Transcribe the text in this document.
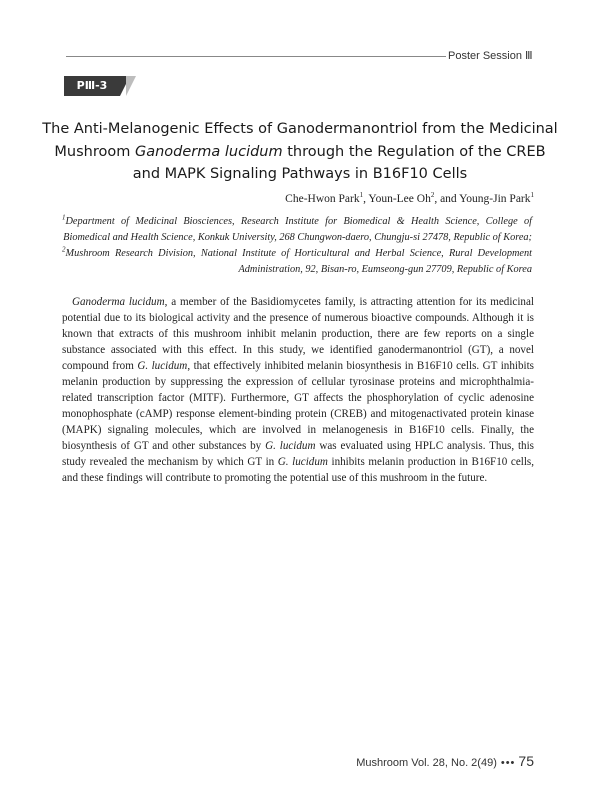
Poster Session Ⅲ
PⅢ-3
The Anti-Melanogenic Effects of Ganodermanontriol from the Medicinal Mushroom Ganoderma lucidum through the Regulation of the CREB and MAPK Signaling Pathways in B16F10 Cells
Che-Hwon Park$^1$, Youn-Lee Oh$^2$, and Young-Jin Park$^1$
$^1$Department of Medicinal Biosciences, Research Institute for Biomedical & Health Science, College of Biomedical and Health Science, Konkuk University, 268 Chungwon-daero, Chungju-si 27478, Republic of Korea;
$^2$Mushroom Research Division, National Institute of Horticultural and Herbal Science, Rural Development Administration, 92, Bisan-ro, Eumseong-gun 27709, Republic of Korea

Ganoderma lucidum, a member of the Basidiomycetes family, is attracting attention for its medicinal potential due to its biological activity and the presence of numerous bioactive compounds. Although it is known that extracts of this mushroom inhibit melanin production, there are few reports on a single substance associated with this effect. In this study, we identified ganodermanontriol (GT), a novel compound from G. lucidum, that effectively inhibited melanin biosynthesis in B16F10 cells. GT inhibits melanin production by suppressing the expression of cellular tyrosinase proteins and microphthalmia-related transcription factor (MITF). Furthermore, GT affects the phosphorylation of cyclic adenosine monophosphate (cAMP) response element-binding protein (CREB) and mitogenactivated protein kinase (MAPK) signaling molecules, which are involved in melanogenesis in B16F10 cells. Finally, the biosynthesis of GT and other substances by G. lucidum was evaluated using HPLC analysis. Thus, this study revealed the mechanism by which GT in G. lucidum inhibits melanin production in B16F10 cells, and these findings will contribute to promoting the potential use of this mushroom in the future.

Mushroom Vol. 28, No. 2(49) ••• 75
